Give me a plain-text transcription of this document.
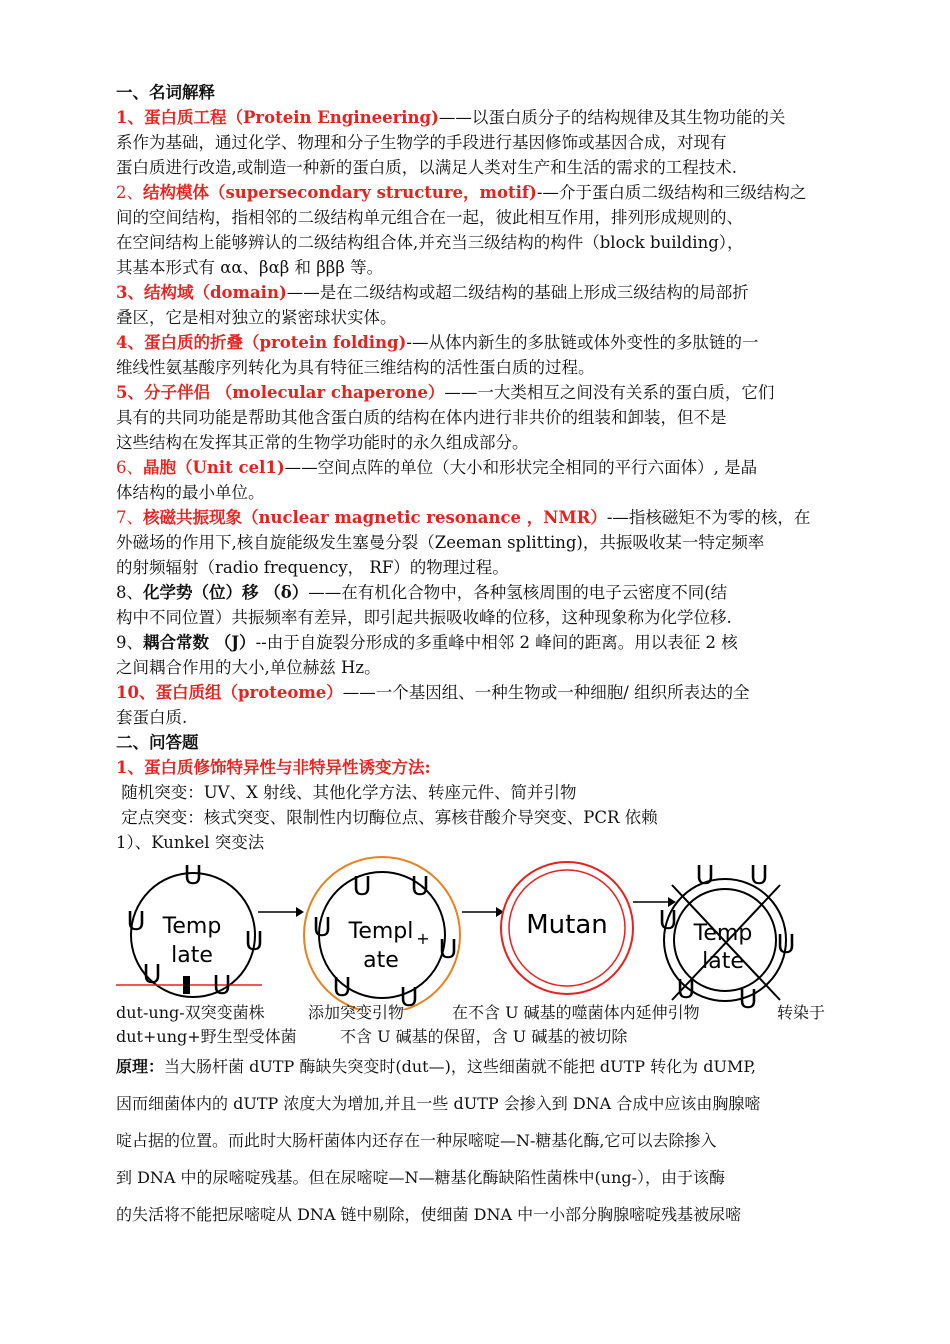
一、名词解释
1、蛋白质工程（Protein Engineering)——以蛋白质分子的结构规律及其生物功能的关
系作为基础，通过化学、物理和分子生物学的手段进行基因修饰或基因合成，对现有
蛋白质进行改造,或制造一种新的蛋白质，以满足人类对生产和生活的需求的工程技术.
2、结构模体（supersecondary structure，motif)-—介于蛋白质二级结构和三级结构之
间的空间结构，指相邻的二级结构单元组合在一起，彼此相互作用，排列形成规则的、
在空间结构上能够辨认的二级结构组合体,并充当三级结构的构件（block building），
其基本形式有 αα、βαβ 和 βββ 等。
3、结构域（domain)——是在二级结构或超二级结构的基础上形成三级结构的局部折
叠区，它是相对独立的紧密球状实体。
4、蛋白质的折叠（protein folding)-—从体内新生的多肽链或体外变性的多肽链的一
维线性氨基酸序列转化为具有特征三维结构的活性蛋白质的过程。
5、分子伴侣 （molecular chaperone）——一大类相互之间没有关系的蛋白质，它们
具有的共同功能是帮助其他含蛋白质的结构在体内进行非共价的组装和卸装，但不是
这些结构在发挥其正常的生物学功能时的永久组成部分。
6、晶胞（Unit cel1)——空间点阵的单位（大小和形状完全相同的平行六面体）, 是晶
体结构的最小单位。
7、核磁共振现象（nuclear magnetic resonance ，NMR）-—指核磁矩不为零的核，在
外磁场的作用下,核自旋能级发生塞曼分裂（Zeeman splitting)，共振吸收某一特定频率
的射频辐射（radio frequency， RF）的物理过程。
8、化学势（位）移 （δ）——在有机化合物中，各种氢核周围的电子云密度不同(结
构中不同位置）共振频率有差异，即引起共振吸收峰的位移，这种现象称为化学位移.
9、耦合常数 （J）--由于自旋裂分形成的多重峰中相邻 2 峰间的距离。用以表征 2 核
之间耦合作用的大小,单位赫兹 Hz。
10、蛋白质组（proteome）——一个基因组、一种生物或一种细胞/ 组织所表达的全
套蛋白质.
二、问答题
1、蛋白质修饰特异性与非特异性诱变方法:
随机突变：UV、X 射线、其他化学方法、转座元件、简并引物
定点突变：核式突变、限制性内切酶位点、寡核苷酸介导突变、PCR 依赖
1）、Kunkel 突变法
Temp
late
U
U
U
U U
Templ +
ate
U U
U
U
U U
Mutan	Temp
late
U U
U
U
U U
dut-ung-双突变菌株	添加突变引物	在不含 U 碱基的噬菌体内延伸引物	转染于
dut+ung+野生型受体菌	不含 U 碱基的保留，含 U 碱基的被切除
原理：当大肠杆菌 dUTP 酶缺失突变时(dut—)，这些细菌就不能把 dUTP 转化为 dUMP,
因而细菌体内的 dUTP 浓度大为增加,并且一些 dUTP 会掺入到 DNA 合成中应该由胸腺嘧
啶占据的位置。而此时大肠杆菌体内还存在一种尿嘧啶—N-糖基化酶,它可以去除掺入
到 DNA 中的尿嘧啶残基。但在尿嘧啶—N—糖基化酶缺陷性菌株中(ung-），由于该酶
的失活将不能把尿嘧啶从 DNA 链中剔除，使细菌 DNA 中一小部分胸腺嘧啶残基被尿嘧
